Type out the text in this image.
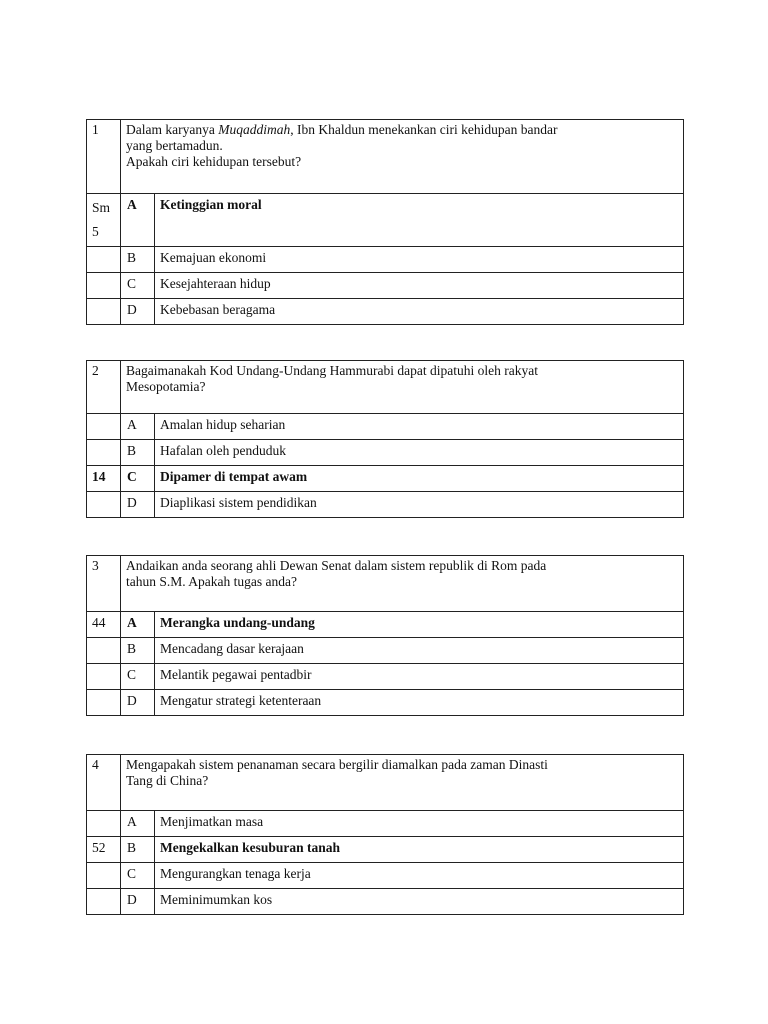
1	Dalam karyanya Muqaddimah, Ibn Khaldun menekankan ciri kehidupan bandar
yang bertamadun.
Apakah ciri kehidupan tersebut?	

Sm
5	A	Ketinggian moral
	B	Kemajuan ekonomi
	C	Kesejahteraan hidup
	D	Kebebasan beragama
2	Bagaimanakah Kod Undang-Undang Hammurabi dapat dipatuhi oleh rakyat
Mesopotamia?	

	A	Amalan hidup seharian
	B	Hafalan oleh penduduk
14	C	Dipamer di tempat awam
	D	Diaplikasi sistem pendidikan
3	Andaikan anda seorang ahli Dewan Senat dalam sistem republik di Rom pada
tahun S.M. Apakah tugas anda?	

44	A	Merangka undang-undang
	B	Mencadang dasar kerajaan
	C	Melantik pegawai pentadbir
	D	Mengatur strategi ketenteraan
4	Mengapakah sistem penanaman secara bergilir diamalkan pada zaman Dinasti
Tang di China?	

	A	Menjimatkan masa
52	B	Mengekalkan kesuburan tanah
	C	Mengurangkan tenaga kerja
	D	Meminimumkan kos
